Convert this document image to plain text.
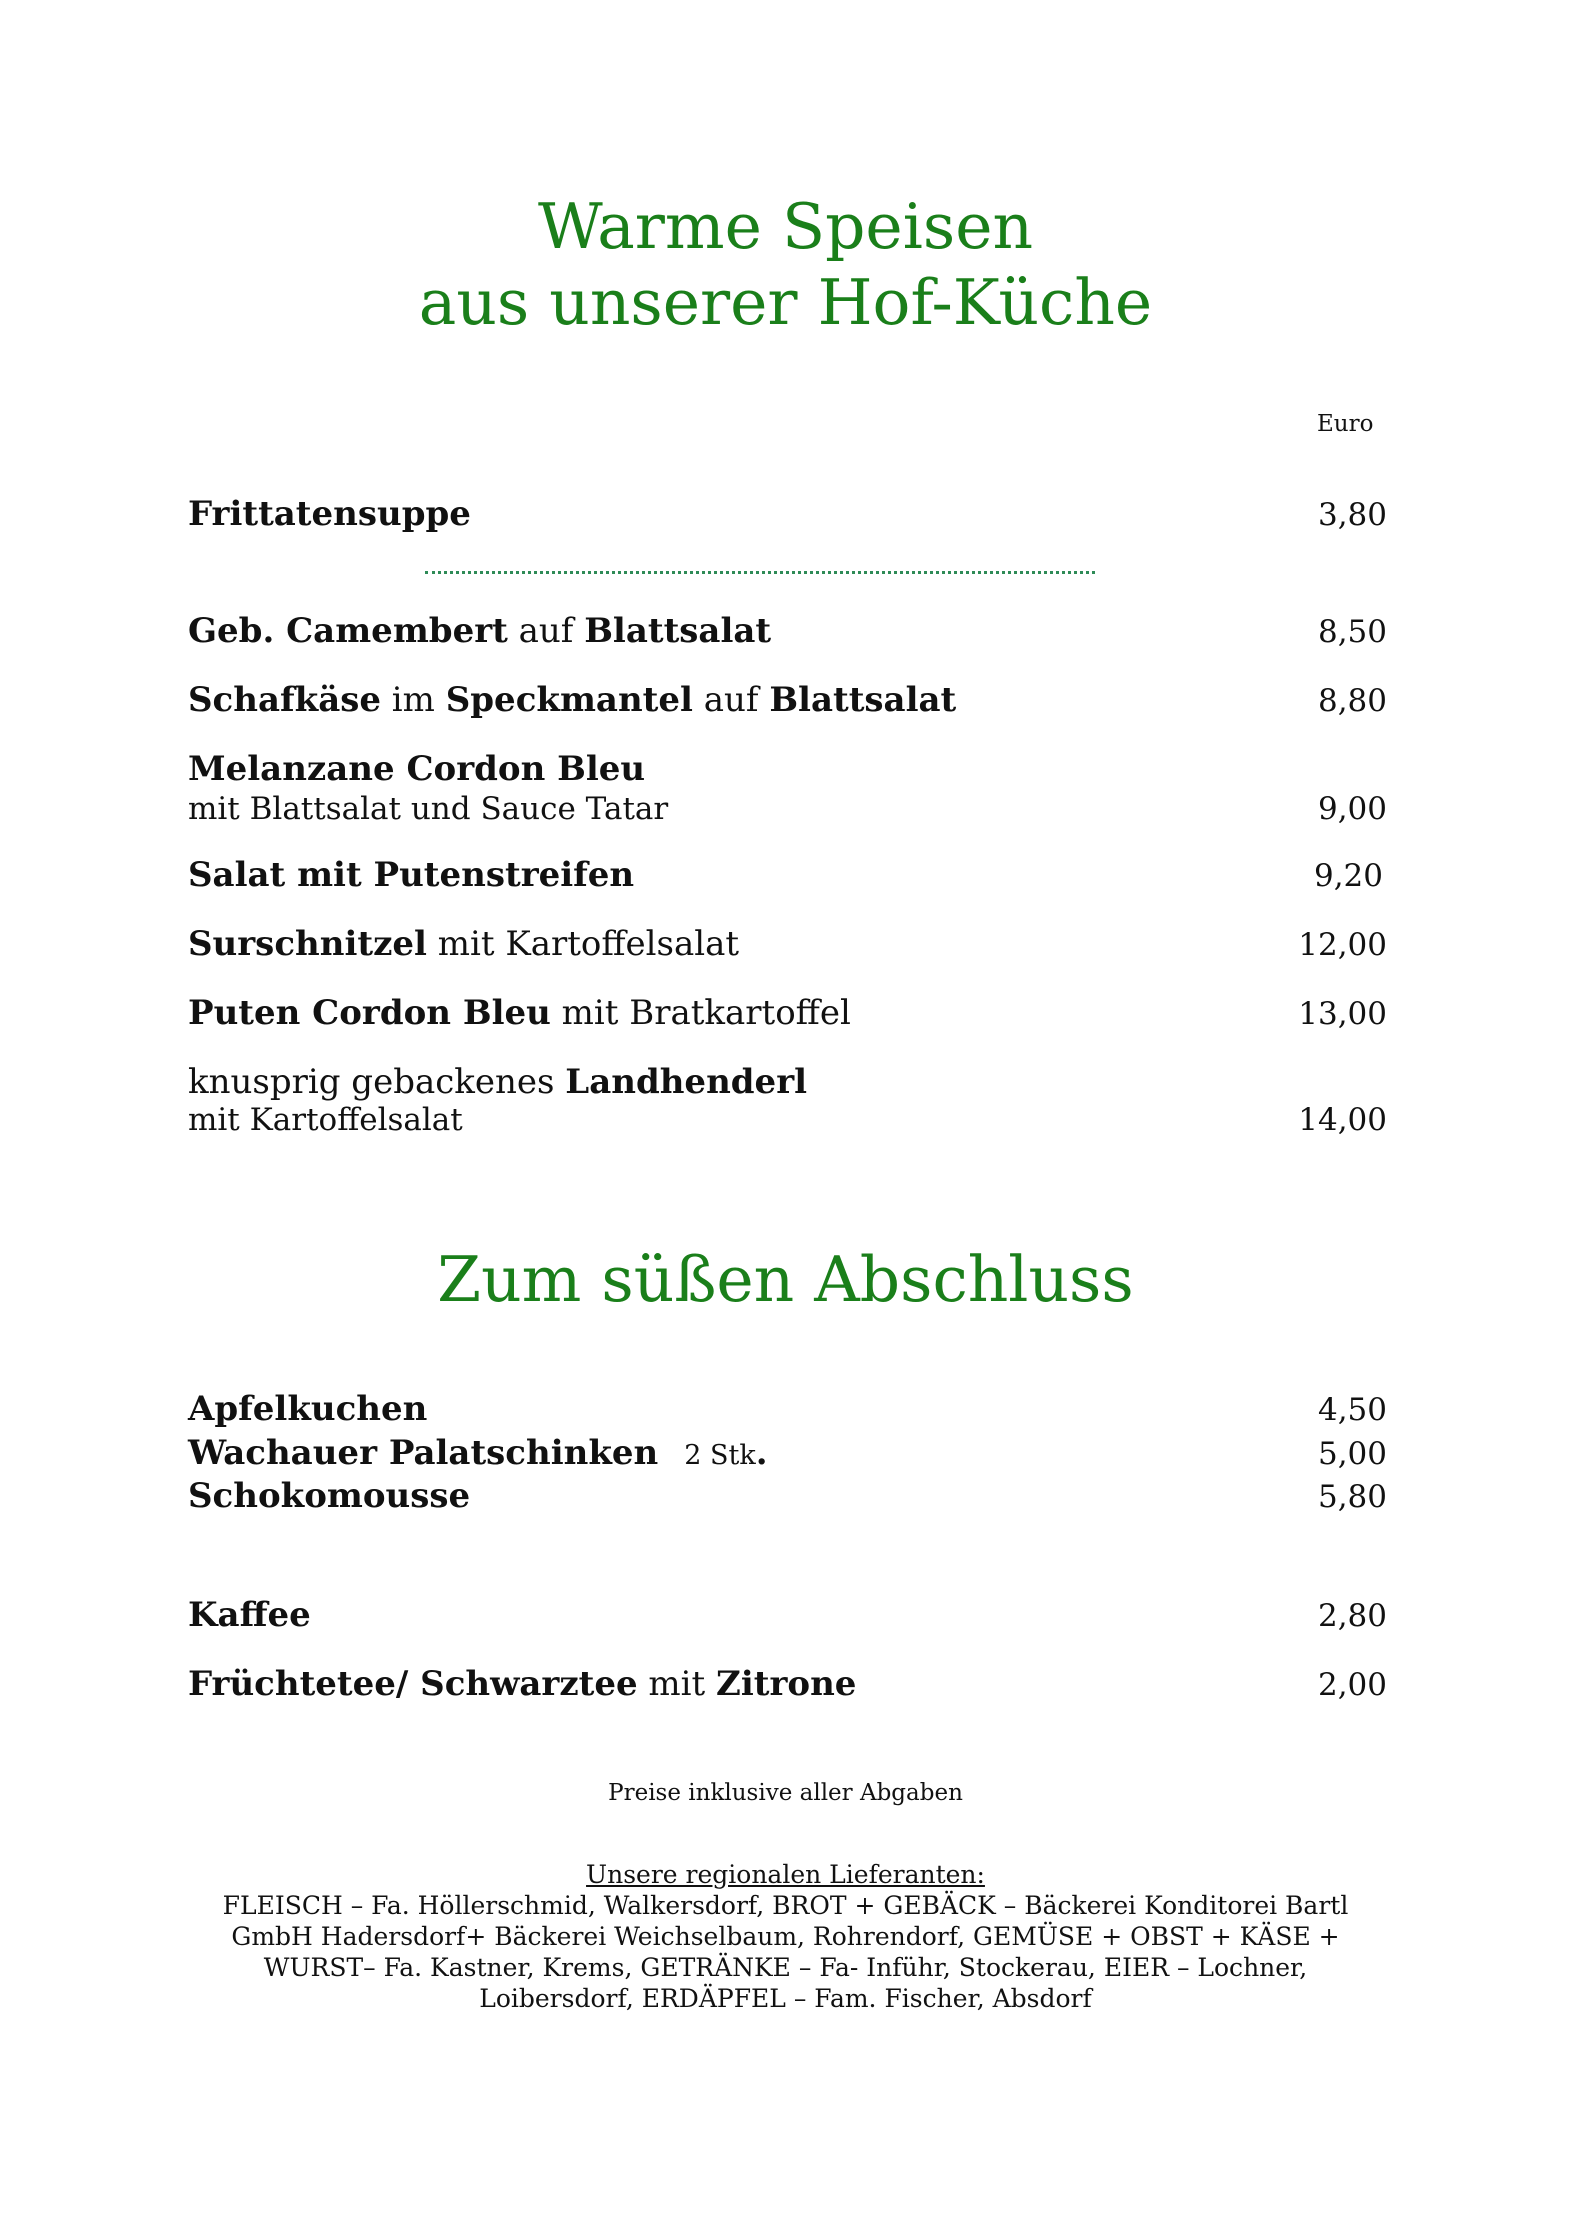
Warme Speisen
aus unserer Hof-Küche
Euro
Frittatensuppe	3,80
Geb. Camembert auf Blattsalat	8,50
Schafkäse im Speckmantel auf Blattsalat	8,80
Melanzane Cordon Bleu
mit Blattsalat und Sauce Tatar	9,00
Salat mit Putenstreifen	9,20
Surschnitzel mit Kartoffelsalat	12,00
Puten Cordon Bleu mit Bratkartoffel	13,00
knusprig gebackenes Landhenderl
mit Kartoffelsalat	14,00
Zum süßen Abschluss
Apfelkuchen	4,50
Wachauer Palatschinken 2 Stk.	5,00
Schokomousse	5,80
Kaffee	2,80
Früchtetee/ Schwarztee mit Zitrone	2,00
Preise inklusive aller Abgaben
Unsere regionalen Lieferanten:
FLEISCH – Fa. Höllerschmid, Walkersdorf, BROT + GEBÄCK – Bäckerei Konditorei Bartl GmbH Hadersdorf+ Bäckerei Weichselbaum, Rohrendorf, GEMÜSE + OBST + KÄSE + WURST– Fa. Kastner, Krems, GETRÄNKE – Fa- Inführ, Stockerau, EIER – Lochner, Loibersdorf, ERDÄPFEL – Fam. Fischer, Absdorf
